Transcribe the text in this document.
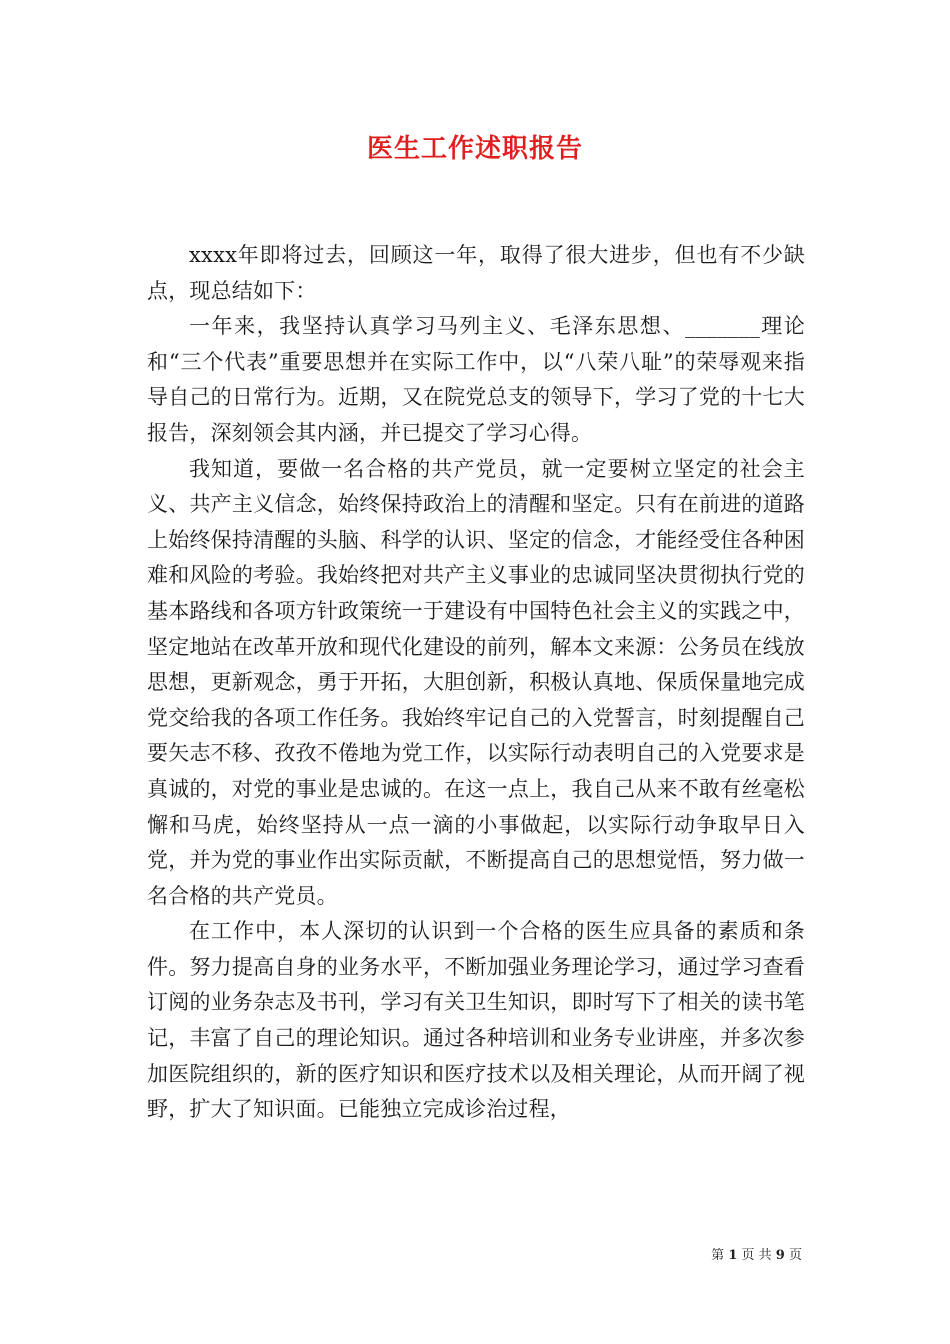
医生工作述职报告

xxxx年即将过去，回顾这一年，取得了很大进步，但也有不少缺点，现总结如下：

一年来，我坚持认真学习马列主义、毛泽东思想、_______理论和“三个代表”重要思想并在实际工作中，以“八荣八耻”的荣辱观来指导自己的日常行为。近期，又在院党总支的领导下，学习了党的十七大报告，深刻领会其内涵，并已提交了学习心得。

我知道，要做一名合格的共产党员，就一定要树立坚定的社会主义、共产主义信念，始终保持政治上的清醒和坚定。只有在前进的道路上始终保持清醒的头脑、科学的认识、坚定的信念，才能经受住各种困难和风险的考验。我始终把对共产主义事业的忠诚同坚决贯彻执行党的基本路线和各项方针政策统一于建设有中国特色社会主义的实践之中，坚定地站在改革开放和现代化建设的前列，解本文来源：公务员在线放思想，更新观念，勇于开拓，大胆创新，积极认真地、保质保量地完成党交给我的各项工作任务。我始终牢记自己的入党誓言，时刻提醒自己要矢志不移、孜孜不倦地为党工作，以实际行动表明自己的入党要求是真诚的，对党的事业是忠诚的。在这一点上，我自己从来不敢有丝毫松懈和马虎，始终坚持从一点一滴的小事做起，以实际行动争取早日入党，并为党的事业作出实际贡献，不断提高自己的思想觉悟，努力做一名合格的共产党员。

在工作中，本人深切的认识到一个合格的医生应具备的素质和条件。努力提高自身的业务水平，不断加强业务理论学习，通过学习查看订阅的业务杂志及书刊，学习有关卫生知识，即时写下了相关的读书笔记，丰富了自己的理论知识。通过各种培训和业务专业讲座，并多次参加医院组织的，新的医疗知识和医疗技术以及相关理论，从而开阔了视野，扩大了知识面。已能独立完成诊治过程，

第 1 页 共 9 页
